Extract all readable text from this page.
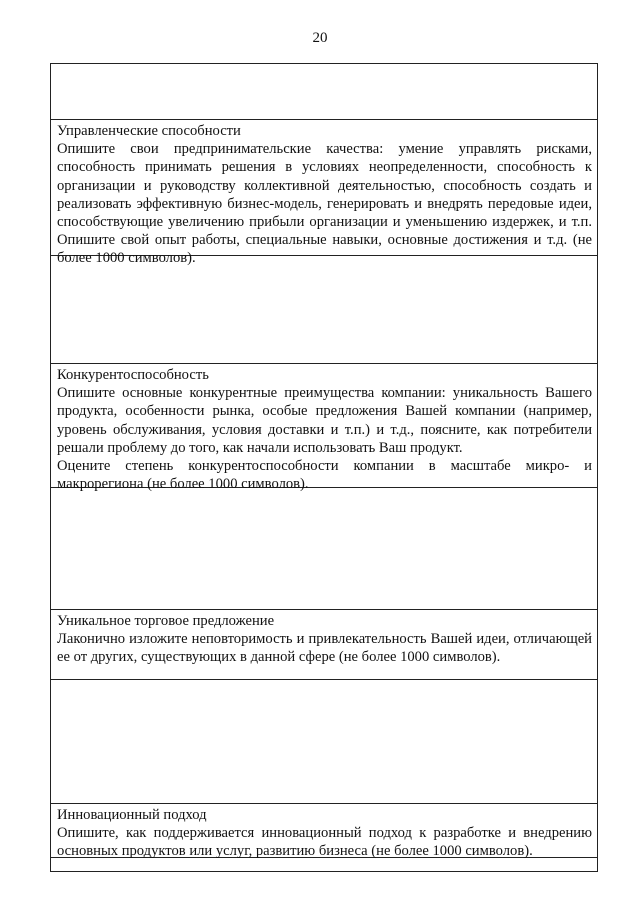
20
Управленческие способности

Опишите свои предпринимательские качества: умение управлять рисками, способность принимать решения в условиях неопределенности, способность к организации и руководству коллективной деятельностью, способность создать и реализовать эффективную бизнес-модель, генерировать и внедрять передовые идеи, способствующие увеличению прибыли организации и уменьшению издержек, и т.п. Опишите свой опыт работы, специальные навыки, основные достижения и т.д. (не более 1000 символов).

Конкурентоспособность

Опишите основные конкурентные преимущества компании: уникальность Вашего продукта, особенности рынка, особые предложения Вашей компании (например, уровень обслуживания, условия доставки и т.п.) и т.д., поясните, как потребители решали проблему до того, как начали использовать Ваш продукт.

Оцените степень конкурентоспособности компании в масштабе микро- и макрорегиона (не более 1000 символов).

Уникальное торговое предложение

Лаконично изложите неповторимость и привлекательность Вашей идеи, отличающей ее от других, существующих в данной сфере (не более 1000 символов).

Инновационный подход

Опишите, как поддерживается инновационный подход к разработке и внедрению основных продуктов или услуг, развитию бизнеса (не более 1000 символов).
